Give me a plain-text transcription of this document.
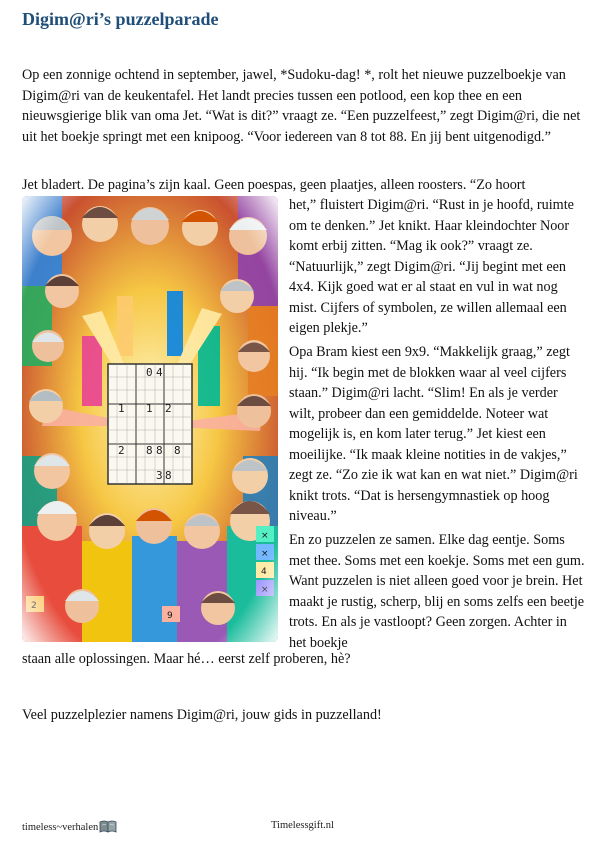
Digim@ri’s puzzelparade

Op een zonnige ochtend in september, jawel, *Sudoku-dag! *, rolt het nieuwe puzzelboekje van Digim@ri van de keukentafel. Het landt precies tussen een potlood, een kop thee en een nieuwsgierige blik van oma Jet. “Wat is dit?” vraagt ze. “Een puzzelfeest,” zegt Digim@ri, die net uit het boekje springt met een knipoog. “Voor iedereen van 8 tot 88. En jij bent uitgenodigd.”

Jet bladert. De pagina’s zijn kaal. Geen poespas, geen plaatjes, alleen roosters. “Zo hoort

het,” fluistert Digim@ri. “Rust in je hoofd, ruimte om te denken.” Jet knikt. Haar kleindochter Noor komt erbij zitten. “Mag ik ook?” vraagt ze. “Natuurlijk,” zegt Digim@ri. “Jij begint met een 4x4. Kijk goed wat er al staat en vul in wat nog mist. Cijfers of symbolen, ze willen allemaal een eigen plekje.”

Opa Bram kiest een 9x9. “Makkelijk graag,” zegt hij. “Ik begin met de blokken waar al veel cijfers staan.” Digim@ri lacht. “Slim! En als je verder wilt, probeer dan een gemiddelde. Noteer wat mogelijk is, en kom later terug.” Jet kiest een moeilijke. “Ik maak kleine notities in de vakjes,” zegt ze. “Zo zie ik wat kan en wat niet.” Digim@ri knikt trots. “Dat is hersengymnastiek op hoog niveau.”

En zo puzzelen ze samen. Elke dag eentje. Soms met thee. Soms met een koekje. Soms met een gum. Want puzzelen is niet alleen goed voor je brein. Het maakt je rustig, scherp, blij en soms zelfs een beetje trots. En als je vastloopt? Geen zorgen. Achter in het boekje

staan alle oplossingen. Maar hé… eerst zelf proberen, hè?

Veel puzzelplezier namens Digim@ri, jouw gids in puzzelland!

timeless~verhalen	Timelessgift.nl
